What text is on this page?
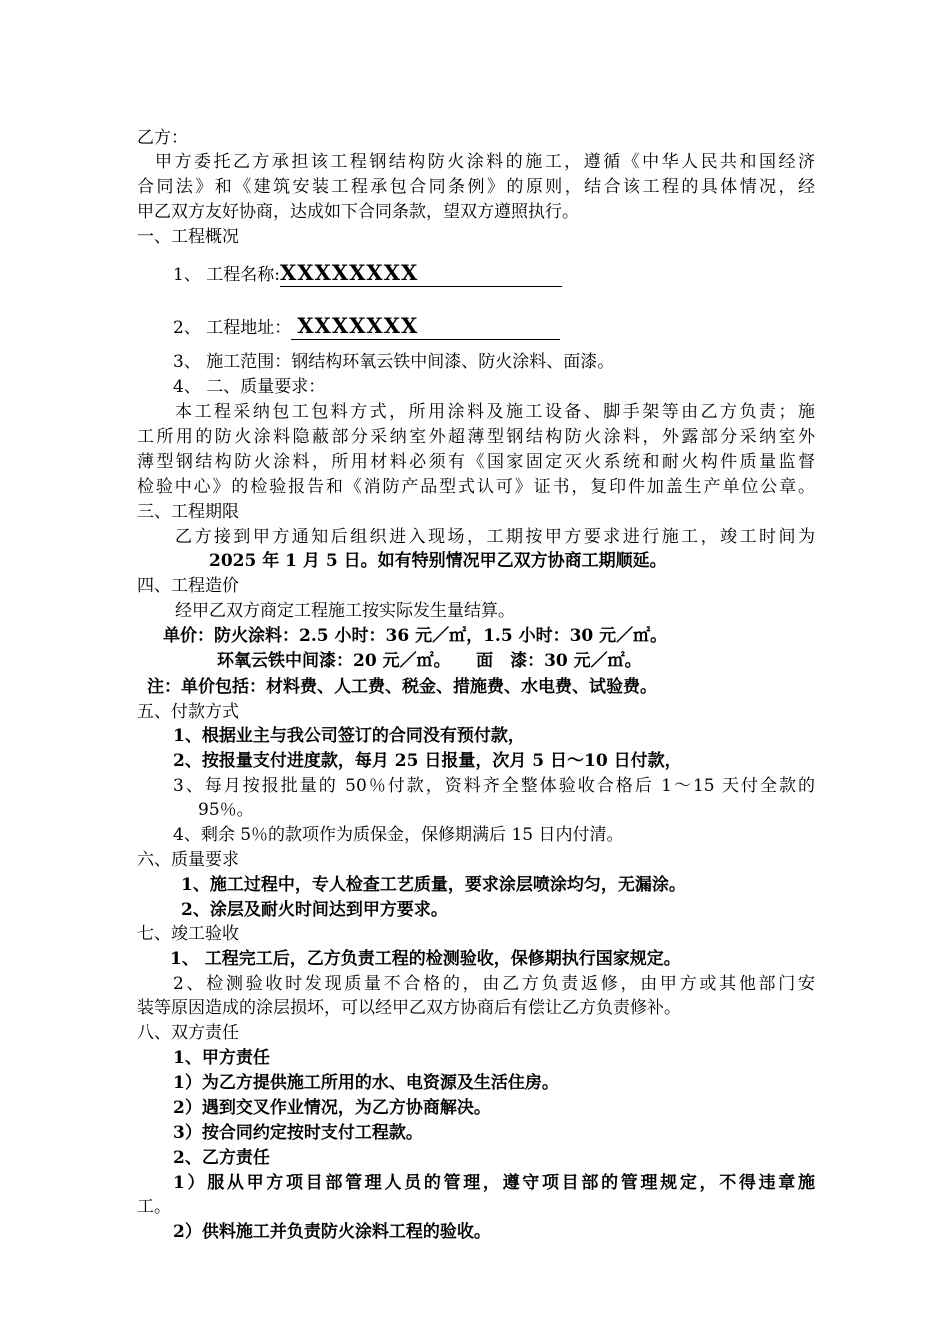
乙方：
甲方委托乙方承担该工程钢结构防火涂料的施工，遵循《中华人民共和国经济
合同法》和《建筑安装工程承包合同条例》的原则，结合该工程的具体情况，经
甲乙双方友好协商，达成如下合同条款，望双方遵照执行。
一、工程概况
1、 工程名称:XXXXXXXX
2、 工程地址： XXXXXXX
3、 施工范围：钢结构环氧云铁中间漆、防火涂料、面漆。
4、 二、质量要求：
本工程采纳包工包料方式，所用涂料及施工设备、脚手架等由乙方负责；施
工所用的防火涂料隐蔽部分采纳室外超薄型钢结构防火涂料，外露部分采纳室外
薄型钢结构防火涂料，所用材料必须有《国家固定灭火系统和耐火构件质量监督
检验中心》的检验报告和《消防产品型式认可》证书，复印件加盖生产单位公章。
三、工程期限
乙方接到甲方通知后组织进入现场，工期按甲方要求进行施工，竣工时间为
2025 年 1 月 5 日。如有特别情况甲乙双方协商工期顺延。
四、工程造价
经甲乙双方商定工程施工按实际发生量结算。
单价：防火涂料：2.5 小时：36 元／㎡，1.5 小时：30 元／㎡。
环氧云铁中间漆：20 元／㎡。　　面　漆：30 元／㎡。
注：单价包括：材料费、人工费、税金、措施费、水电费、试验费。
五、付款方式
1、根据业主与我公司签订的合同没有预付款，
2、按报量支付进度款，每月 25 日报量，次月 5 日～10 日付款，
3、每月按报批量的 50％付款，资料齐全整体验收合格后 1～15 天付全款的
95％。
4、剩余 5％的款项作为质保金，保修期满后 15 日内付清。
六、质量要求
1、施工过程中，专人检查工艺质量，要求涂层喷涂均匀，无漏涂。
2、涂层及耐火时间达到甲方要求。
七、竣工验收
1、 工程完工后，乙方负责工程的检测验收，保修期执行国家规定。
2、检测验收时发现质量不合格的，由乙方负责返修，由甲方或其他部门安
装等原因造成的涂层损坏，可以经甲乙双方协商后有偿让乙方负责修补。
八、双方责任
1、甲方责任
1）为乙方提供施工所用的水、电资源及生活住房。
2）遇到交叉作业情况，为乙方协商解决。
3）按合同约定按时支付工程款。
2、乙方责任
1）服从甲方项目部管理人员的管理，遵守项目部的管理规定，不得违章施
工。
2）供料施工并负责防火涂料工程的验收。
